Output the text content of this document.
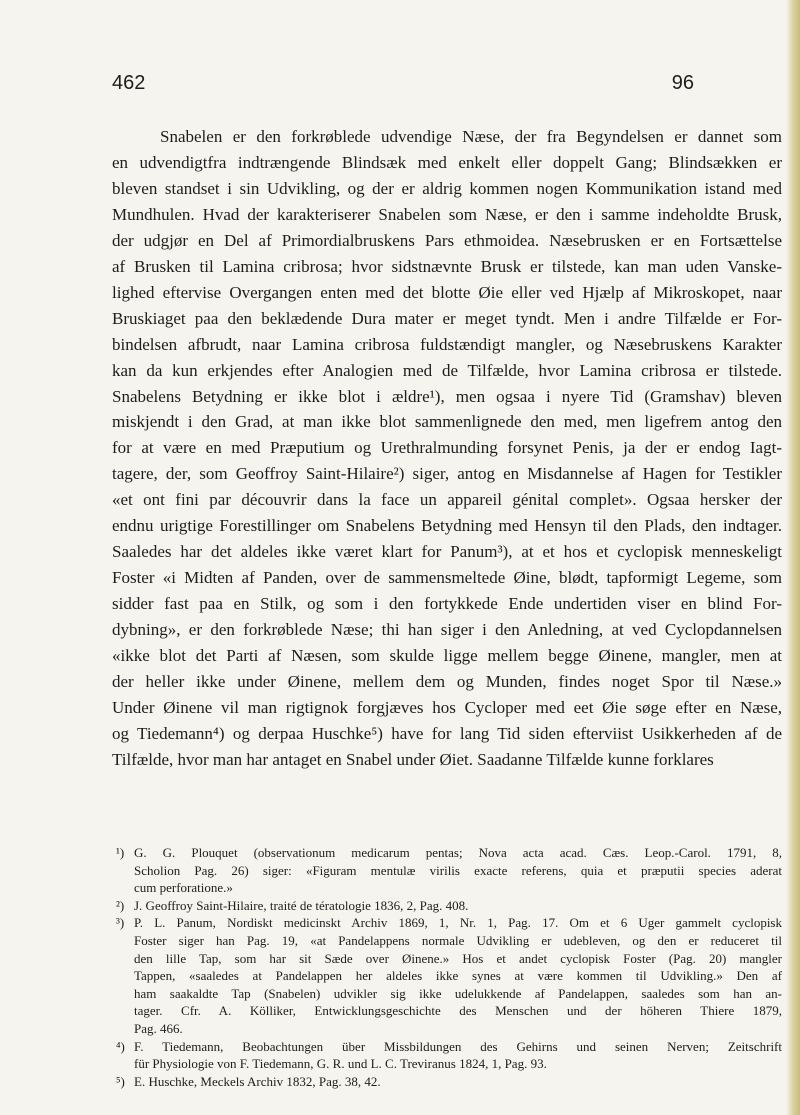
462	96
Snabelen er den forkrøblede udvendige Næse, der fra Begyndelsen er dannet som
en udvendigtfra indtrængende Blindsæk med enkelt eller doppelt Gang; Blindsækken er
bleven standset i sin Udvikling, og der er aldrig kommen nogen Kommunikation istand med
Mundhulen. Hvad der karakteriserer Snabelen som Næse, er den i samme indeholdte Brusk,
der udgjør en Del af Primordialbruskens Pars ethmoidea. Næsebrusken er en Fortsættelse
af Brusken til Lamina cribrosa; hvor sidstnævnte Brusk er tilstede, kan man uden Vanske-
lighed eftervise Overgangen enten med det blotte Øie eller ved Hjælp af Mikroskopet, naar
Bruskiaget paa den beklædende Dura mater er meget tyndt. Men i andre Tilfælde er For-
bindelsen afbrudt, naar Lamina cribrosa fuldstændigt mangler, og Næsebruskens Karakter
kan da kun erkjendes efter Analogien med de Tilfælde, hvor Lamina cribrosa er tilstede.
Snabelens Betydning er ikke blot i ældre¹), men ogsaa i nyere Tid (Gramshav) bleven
miskjendt i den Grad, at man ikke blot sammenlignede den med, men ligefrem antog den
for at være en med Præputium og Urethralmunding forsynet Penis, ja der er endog Iagt-
tagere, der, som Geoffroy Saint-Hilaire²) siger, antog en Misdannelse af Hagen for Testikler
«et ont fini par découvrir dans la face un appareil génital complet». Ogsaa hersker der
endnu urigtige Forestillinger om Snabelens Betydning med Hensyn til den Plads, den indtager.
Saaledes har det aldeles ikke været klart for Panum³), at et hos et cyclopisk menneskeligt
Foster «i Midten af Panden, over de sammensmeltede Øine, blødt, tapformigt Legeme, som
sidder fast paa en Stilk, og som i den fortykkede Ende undertiden viser en blind For-
dybning», er den forkrøblede Næse; thi han siger i den Anledning, at ved Cyclopdannelsen
«ikke blot det Parti af Næsen, som skulde ligge mellem begge Øinene, mangler, men at
der heller ikke under Øinene, mellem dem og Munden, findes noget Spor til Næse.»
Under Øinene vil man rigtignok forgjæves hos Cycloper med eet Øie søge efter en Næse,
og Tiedemann⁴) og derpaa Huschke⁵) have for lang Tid siden efterviist Usikkerheden af de
Tilfælde, hvor man har antaget en Snabel under Øiet. Saadanne Tilfælde kunne forklares
¹) G. G. Plouquet (observationum medicarum pentas; Nova acta acad. Cæs. Leop.-Carol. 1791, 8,
Scholion Pag. 26) siger: «Figuram mentulæ virilis exacte referens, quia et præputii species aderat
cum perforatione.»
²) J. Geoffroy Saint-Hilaire, traité de tératologie 1836, 2, Pag. 408.
³) P. L. Panum, Nordiskt medicinskt Archiv 1869, 1, Nr. 1, Pag. 17. Om et 6 Uger gammelt cyclopisk
Foster siger han Pag. 19, «at Pandelappens normale Udvikling er udebleven, og den er reduceret til
den lille Tap, som har sit Sæde over Øinene.» Hos et andet cyclopisk Foster (Pag. 20) mangler
Tappen, «saaledes at Pandelappen her aldeles ikke synes at være kommen til Udvikling.» Den af
ham saakaldte Tap (Snabelen) udvikler sig ikke udelukkende af Pandelappen, saaledes som han an-
tager. Cfr. A. Kölliker, Entwicklungsgeschichte des Menschen und der höheren Thiere 1879,
Pag. 466.
⁴) F. Tiedemann, Beobachtungen über Missbildungen des Gehirns und seinen Nerven; Zeitschrift
für Physiologie von F. Tiedemann, G. R. und L. C. Treviranus 1824, 1, Pag. 93.
⁵) E. Huschke, Meckels Archiv 1832, Pag. 38, 42.
